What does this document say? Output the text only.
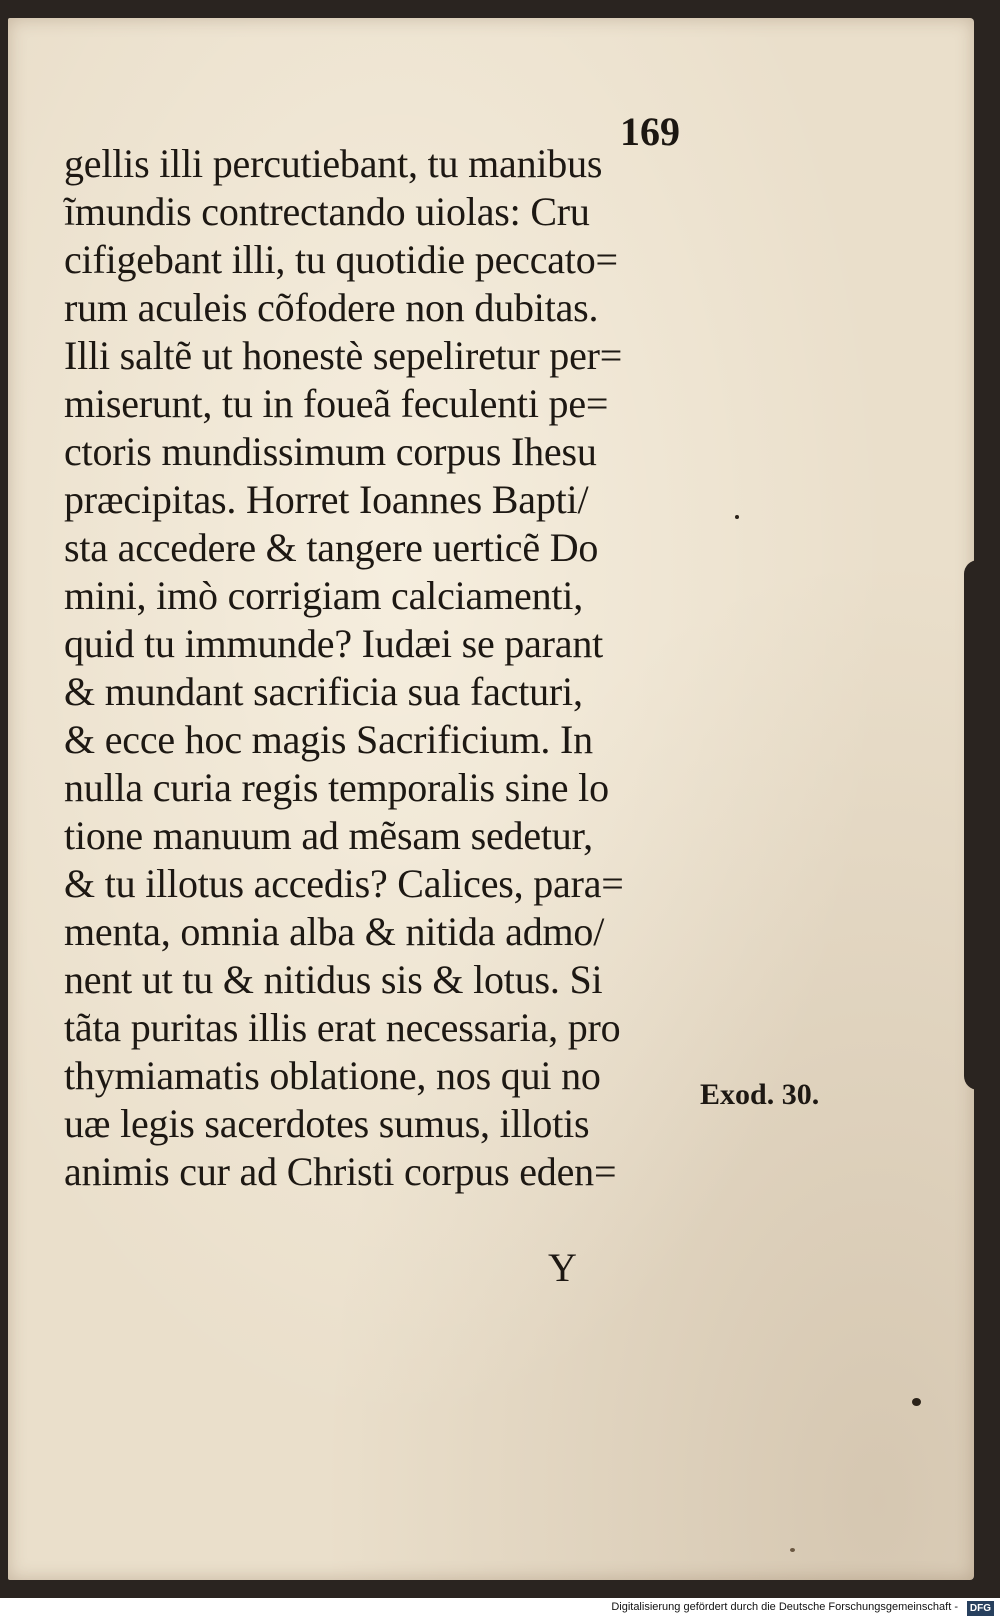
169
gellis illi percutiebant, tu manibus
ĩmundis contrectando uiolas: Cru
cifigebant illi, tu quotidie peccato=
rum aculeis cõfodere non dubitas.
Illi saltẽ ut honestè sepeliretur per=
miserunt, tu in foueã feculenti pe=
ctoris mundissimum corpus Ihesu
præcipitas. Horret Ioannes Bapti/
sta accedere & tangere uerticẽ Do
mini, imò corrigiam calciamenti,
quid tu immunde? Iudæi se parant
& mundant sacrificia sua facturi,
& ecce hoc magis Sacrificium. In
nulla curia regis temporalis sine lo
tione manuum ad mẽsam sedetur,
& tu illotus accedis? Calices, para=
menta, omnia alba & nitida admo/
nent ut tu & nitidus sis & lotus. Si
tãta puritas illis erat necessaria, pro
thymiamatis oblatione, nos qui no
uæ legis sacerdotes sumus, illotis
animis cur ad Christi corpus eden=
Exod. 30.
Y
Digitalisierung gefördert durch die Deutsche Forschungsgemeinschaft -	DFG
